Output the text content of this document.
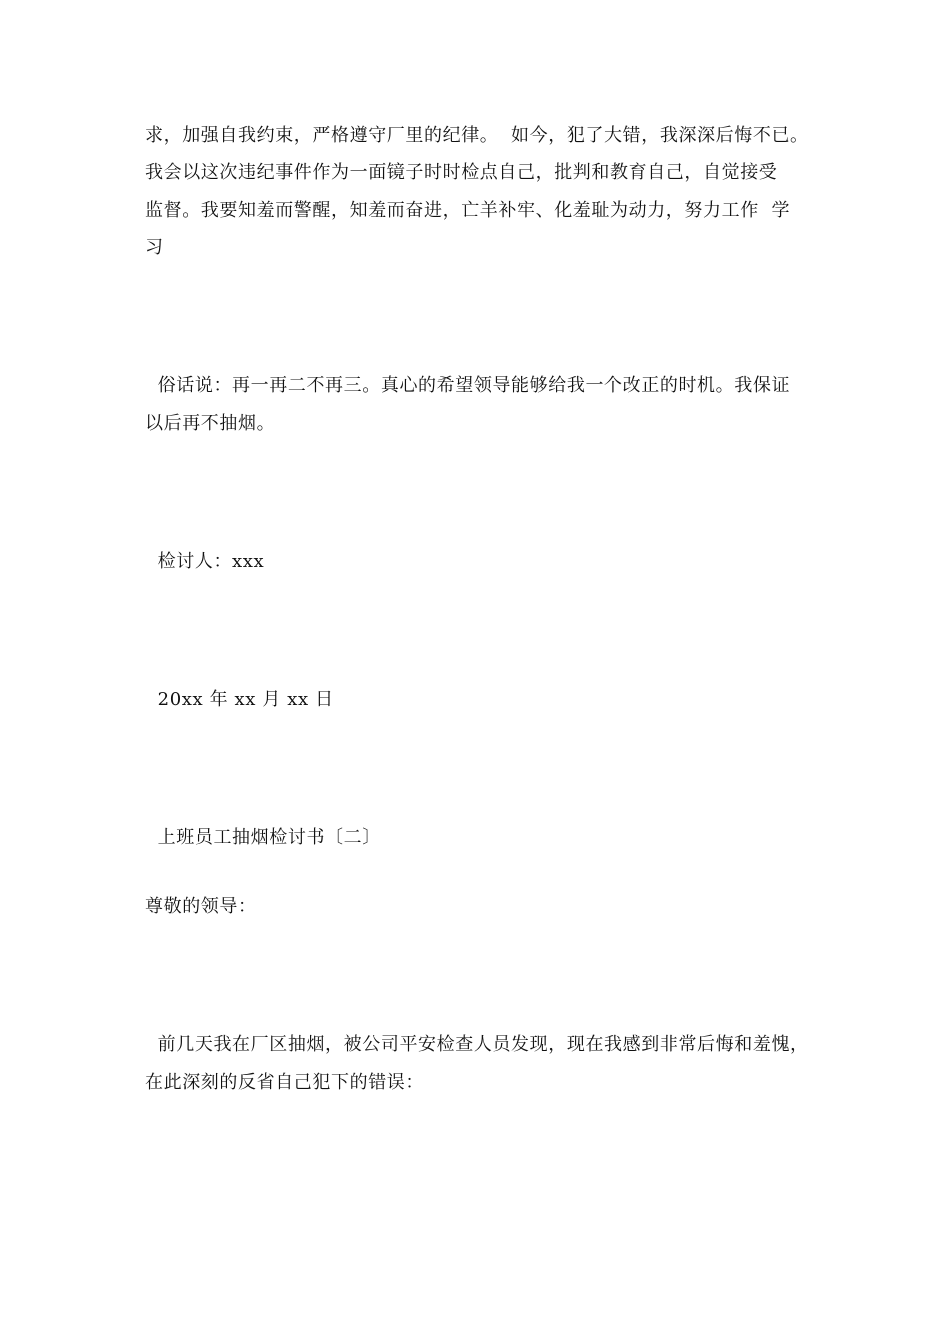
求，加强自我约束，严格遵守厂里的纪律。  如今，犯了大错，我深深后悔不已。
我会以这次违纪事件作为一面镜子时时检点自己，批判和教育自己，自觉接受
监督。我要知羞而警醒，知羞而奋进，亡羊补牢、化羞耻为动力，努力工作  学
习
俗话说：再一再二不再三。真心的希望领导能够给我一个改正的时机。我保证
以后再不抽烟。
检讨人：xxx
20xx 年 xx 月 xx 日
上班员工抽烟检讨书〔二〕
尊敬的领导：
前几天我在厂区抽烟，被公司平安检查人员发现，现在我感到非常后悔和羞愧，
在此深刻的反省自己犯下的错误：
